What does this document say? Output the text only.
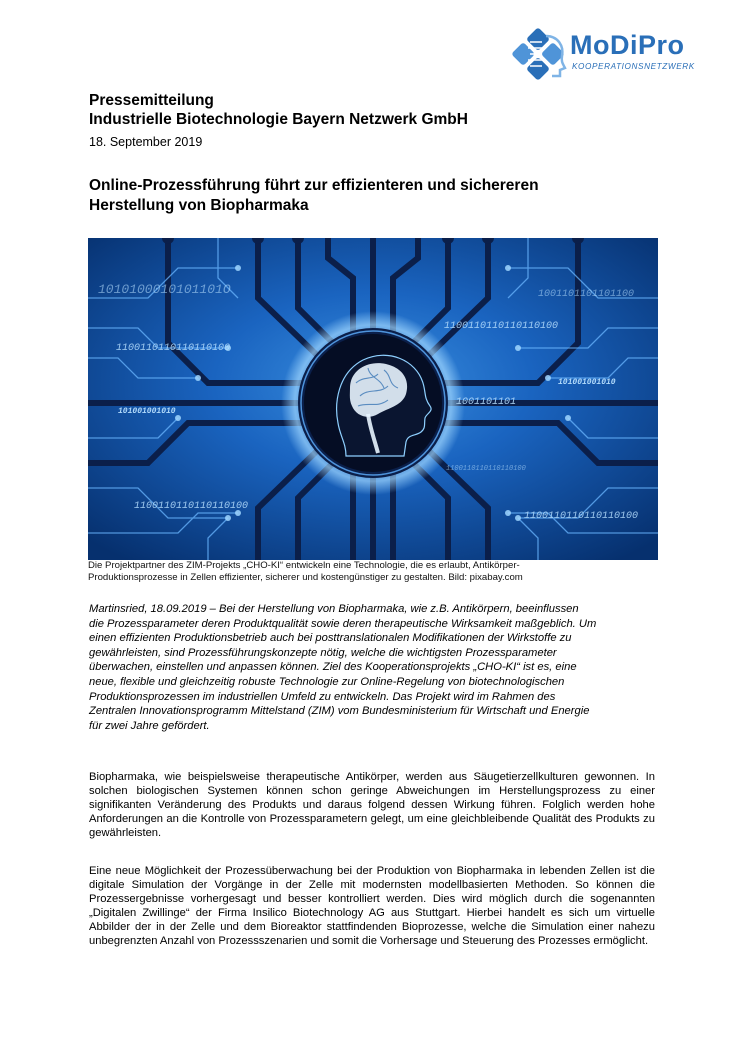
MoDiPro
KOOPERATIONSNETZWERK
Pressemitteilung
Industrielle Biotechnologie Bayern Netzwerk GmbH
18. September 2019
Online-Prozessführung führt zur effizienteren und sichereren
Herstellung von Biopharmaka
1010100010101101O
1100110110110110100
1001101101101100
101001001010
1100110110110110100
1001101101
101001001010
1100110110110110100
1100110110110110100
1100110110110110100
Die Projektpartner des ZIM-Projekts „CHO-KI“ entwickeln eine Technologie, die es erlaubt, Antikörper-
Produktionsprozesse in Zellen effizienter, sicherer und kostengünstiger zu gestalten. Bild: pixabay.com
Martinsried, 18.09.2019 – Bei der Herstellung von Biopharmaka, wie z.B. Antikörpern, beeinflussen
die Prozessparameter deren Produktqualität sowie deren therapeutische Wirksamkeit maßgeblich. Um
einen effizienten Produktionsbetrieb auch bei posttranslationalen Modifikationen der Wirkstoffe zu
gewährleisten, sind Prozessführungskonzepte nötig, welche die wichtigsten Prozessparameter
überwachen, einstellen und anpassen können. Ziel des Kooperationsprojekts „CHO-KI“ ist es, eine
neue, flexible und gleichzeitig robuste Technologie zur Online-Regelung von biotechnologischen
Produktionsprozessen im industriellen Umfeld zu entwickeln. Das Projekt wird im Rahmen des
Zentralen Innovationsprogramm Mittelstand (ZIM) vom Bundesministerium für Wirtschaft und Energie
für zwei Jahre gefördert.
Biopharmaka, wie beispielsweise therapeutische Antikörper, werden aus Säugetierzellkulturen gewonnen. In solchen biologischen Systemen können schon geringe Abweichungen im Herstellungsprozess zu einer signifikanten Veränderung des Produkts und daraus folgend dessen Wirkung führen. Folglich werden hohe Anforderungen an die Kontrolle von Prozessparametern gelegt, um eine gleichbleibende Qualität des Produkts zu gewährleisten.
Eine neue Möglichkeit der Prozessüberwachung bei der Produktion von Biopharmaka in lebenden Zellen ist die digitale Simulation der Vorgänge in der Zelle mit modernsten modellbasierten Methoden. So können die Prozessergebnisse vorhergesagt und besser kontrolliert werden. Dies wird möglich durch die sogenannten „Digitalen Zwillinge“ der Firma Insilico Biotechnology AG aus Stuttgart. Hierbei handelt es sich um virtuelle Abbilder der in der Zelle und dem Bioreaktor stattfindenden Bioprozesse, welche die Simulation einer nahezu unbegrenzten Anzahl von Prozessszenarien und somit die Vorhersage und Steuerung des Prozesses ermöglicht.
